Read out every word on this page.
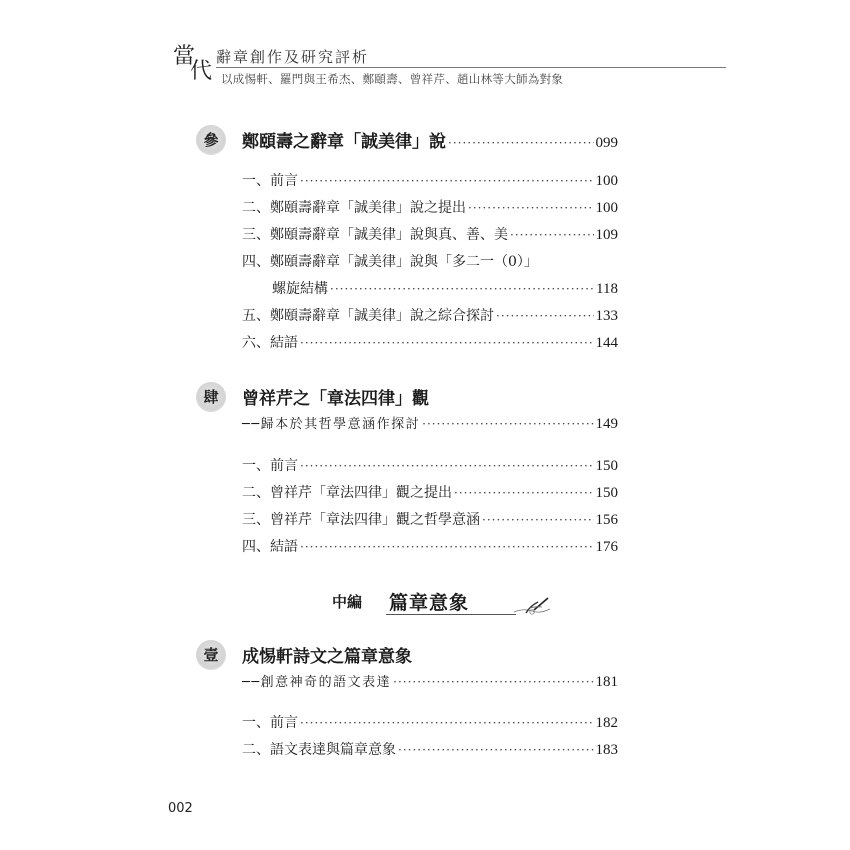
當
代
辭章創作及研究評析
以成惕軒、羅門與王希杰、鄭頤壽、曾祥芹、趙山林等大師為對象
參	鄭頤壽之辭章「誠美律」說 ·····	099
一、前言 ·····	100
二、鄭頤壽辭章「誠美律」說之提出 ·····	100
三、鄭頤壽辭章「誠美律」說與真、善、美 ·····	109
四、鄭頤壽辭章「誠美律」說與「多二一（0）」
螺旋結構 ·····	118
五、鄭頤壽辭章「誠美律」說之綜合探討 ·····	133
六、結語 ·····	144
肆	曾祥芹之「章法四律」觀
──歸本於其哲學意涵作探討 ·····	149
一、前言 ·····	150
二、曾祥芹「章法四律」觀之提出 ·····	150
三、曾祥芹「章法四律」觀之哲學意涵 ·····	156
四、結語 ·····	176
中編 篇章意象
壹	成惕軒詩文之篇章意象
──創意神奇的語文表達 ·····	181
一、前言 ·····	182
二、語文表達與篇章意象 ·····	183
002
